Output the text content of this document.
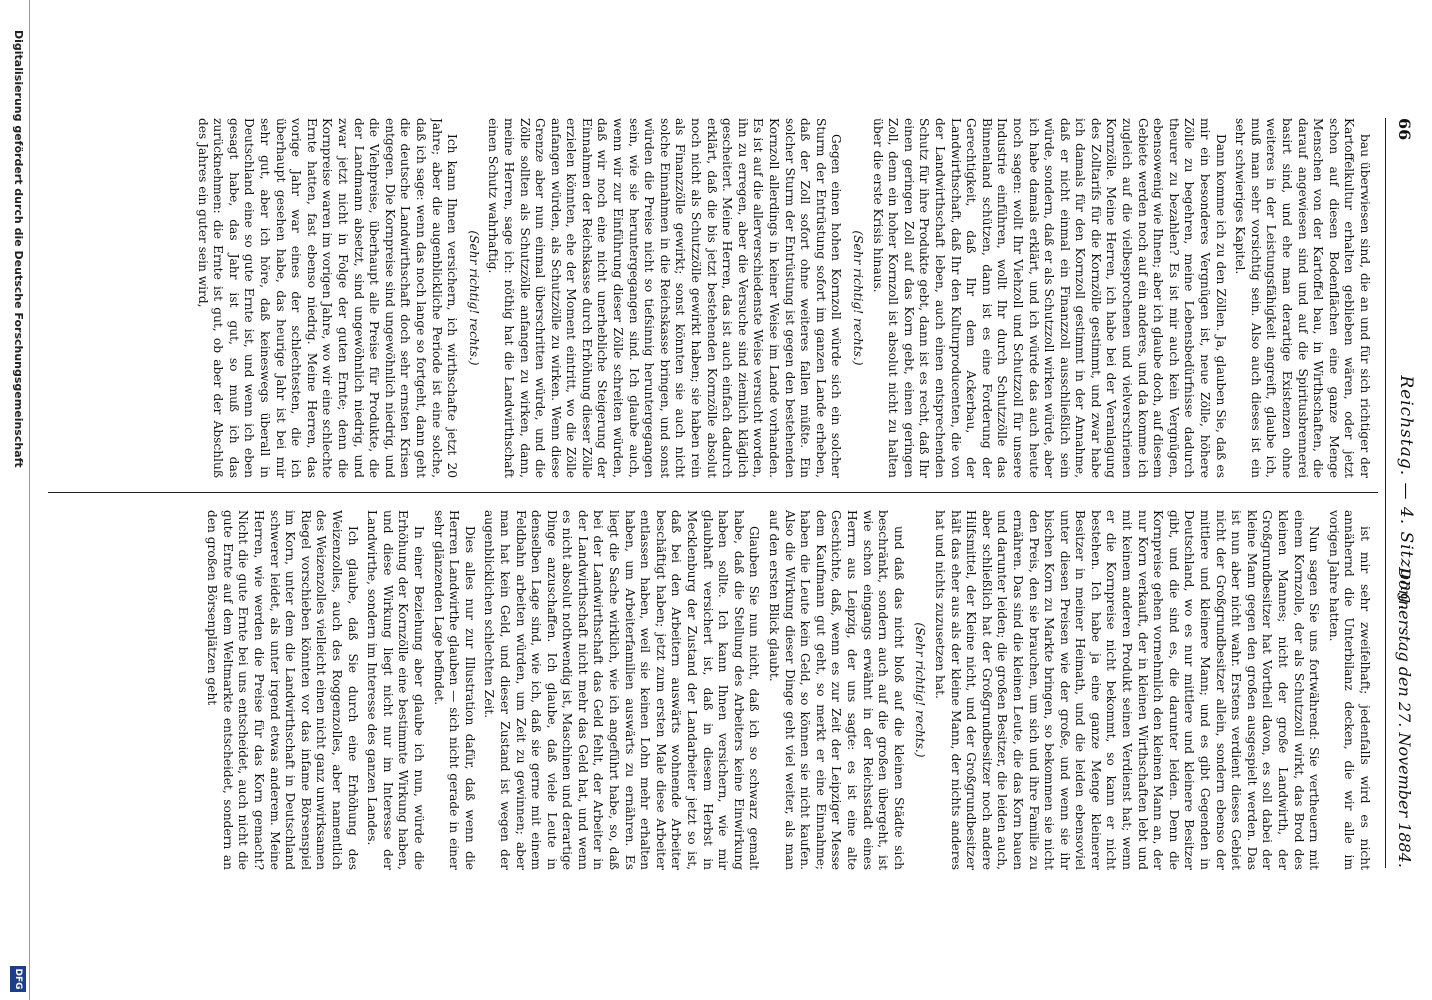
66
Reichstag. — 4. Sitzung.
Donnerstag den 27. November 1884.

bau überwiesen sind, die an und für sich richtiger der Kartoffelkultur erhalten geblieben wären, oder jetzt schon auf diesen Bodenflächen eine ganze Menge Menschen von der Kartoffel bau, in Wirthschaften, die darauf angewiesen sind und auf die Spiritusbrennerei basirt sind, und ehe man derartige Existenzen ohne weiteres in der Leistungsfähigkeit angreift, glaube ich, muß man sehr vorsichtig sein. Also auch dieses ist ein sehr schwieriges Kapitel.

Dann komme ich zu den Zöllen. Ja, glauben Sie, daß es mir ein besonderes Vergnügen ist, neue Zölle, höhere Zölle zu begehren, meine Lebensbedürfnisse dadurch theurer zu bezahlen? Es ist mir auch kein Vergnügen, ebensowenig wie Ihnen; aber ich glaube doch, auf diesem Gebiete werden noch auf ein anderes, und da komme ich zugleich auf die vielbesprochenen und vielverschrienen Kornzölle. Meine Herren, ich habe bei der Veranlagung des Zolltarifs für die Kornzölle gestimmt, und zwar habe ich damals für den Kornzoll gestimmt in der Annahme, daß er nicht einmal ein Finanzzoll ausschließlich sein würde, sondern, daß er als Schutzzoll wirken würde, aber ich habe damals erklärt, und ich würde das auch heute noch sagen: wollt Ihr Viehzoll und Schutzzoll für unsere Industrie einführen, wollt Ihr durch Schutzzölle das Binnenland schützen, dann ist es eine Forderung der Gerechtigkeit, daß Ihr dem Ackerbau, der Landwirthschaft, daß Ihr den Kulturproducenten, die von der Landwirthschaft leben, auch einen entsprechenden Schutz für ihre Produkte gebt, dann ist es recht, daß Ihr einen geringen Zoll auf das Korn gebt, einen geringen Zoll, denn ein hoher Kornzoll ist absolut nicht zu halten über die erste Krisis hinaus.

(Sehr richtig! rechts.)

Gegen einen hohen Kornzoll würde sich ein solcher Sturm der Entrüstung sofort im ganzen Lande erheben, daß der Zoll sofort ohne weiteres fallen müßte. Ein solcher Sturm der Entrüstung ist gegen den bestehenden Kornzoll allerdings in keiner Weise im Lande vorhanden. Es ist auf die allerverschiedenste Weise versucht worden, ihn zu erregen, aber die Versuche sind ziemlich kläglich gescheitert. Meine Herren, das ist auch einfach dadurch erklärt, daß die bis jetzt bestehenden Kornzölle absolut noch nicht als Schutzzölle gewirkt haben; sie haben rein als Finanzzölle gewirkt; sonst könnten sie auch nicht solche Einnahmen in die Reichskasse bringen, und sonst würden die Preise nicht so tiefsinnig heruntergegangen sein, wie sie heruntergegangen sind. Ich glaube auch, wenn wir zur Einführung dieser Zölle schreiten würden, daß wir noch eine nicht unerhebliche Steigerung der Einnahmen der Reichskasse durch Erhöhung dieser Zölle erzielen könnten, ehe der Moment eintritt, wo die Zölle anfangen würden, als Schutzzölle zu wirken. Wenn diese Grenze aber nun einmal überschritten würde, und die Zölle sollten als Schutzzölle anfangen zu wirken, dann, meine Herren, sage ich: nöthig hat die Landwirthschaft einen Schutz wahrhaftig.

(Sehr richtig! rechts.)

Ich kann Ihnen versichern, ich wirthschafte jetzt 20 Jahre; aber die augenblickliche Periode ist eine solche, daß ich sage: wenn das noch lange so fortgeht, dann geht die deutsche Landwirthschaft doch sehr ernsten Krisen entgegen. Die Kornpreise sind ungewöhnlich niedrig, und die Viehpreise, überhaupt alle Preise für Produkte, die der Landmann absetzt, sind ungewöhnlich niedrig, und zwar jetzt nicht in Folge der guten Ernte; denn die Kornpreise waren im vorigen Jahre, wo wir eine schlechte Ernte hatten, fast ebenso niedrig. Meine Herren, das vorige Jahr war eines der schlechtesten, die ich überhaupt gesehen habe, das heurige Jahr ist bei mir sehr gut, aber ich höre, daß keineswegs überall in Deutschland eine so gute Ernte ist, und wenn ich eben gesagt habe, das Jahr ist gut, so muß ich das zurücknehmen: die Ernte ist gut, ob aber der Abschluß des Jahres ein guter sein wird,

ist mir sehr zweifelhaft; jedenfalls wird es nicht annähernd die Unterbilanz decken, die wir alle im vorigen Jahre hatten.

Nun sagen Sie uns fortwährend: Sie vertheuern mit einem Kornzolle, der als Schutzzoll wirkt, das Brod des kleinen Mannes; nicht der große Landwirth, der Großgrundbesitzer hat Vortheil davon, es soll dabei der kleine Mann gegen den großen ausgespielt werden. Das ist nun aber nicht wahr. Erstens verdient dieses Gebiet nicht der Großgrundbesitzer allein, sondern ebenso der mittlere und kleinere Mann; und es gibt Gegenden in Deutschland, wo es nur mittlere und kleinere Besitzer gibt, und die sind es, die darunter leiden. Denn die Kornpreise gehen vornehmlich den kleinen Mann an, der nur Korn verkauft, der in kleinen Wirthschaften lebt und mit keinem anderen Produkt seinen Verdienst hat; wenn er die Kornpreise nicht bekommt, so kann er nicht bestehen. Ich habe ja eine ganze Menge kleinerer Besitzer in meiner Heimath, und die leiden ebensoviel unter diesen Preisen wie der große, und wenn sie ihr bischen Korn zu Markte bringen, so bekommen sie nicht den Preis, den sie brauchen, um sich und ihre Familie zu ernähren. Das sind die kleinen Leute, die das Korn bauen und darunter leiden; die großen Besitzer, die leiden auch, aber schließlich hat der Großgrundbesitzer noch andere Hilfsmittel, der Kleine nicht, und der Großgrundbesitzer hält das eher aus als der kleine Mann, der nichts anderes hat und nichts zuzusetzen hat.

(Sehr richtig! rechts.)

und daß das nicht bloß auf die kleinen Städte sich beschränkt, sondern auch auf die großen übergeht, ist wie schon eingangs erwähnt in der Reichsstadt eines Herrn aus Leipzig, der uns sagte: es ist eine alte Geschichte, daß, wenn es zur Zeit der Leipziger Messe dem Kaufmann gut geht, so merkt er eine Einnahme; haben die Leute kein Geld, so können sie nicht kaufen. Also die Wirkung dieser Dinge geht viel weiter, als man auf den ersten Blick glaubt.

Glauben Sie nun nicht, daß ich so schwarz gemalt habe, daß die Stellung des Arbeiters keine Einwirkung haben sollte. Ich kann Ihnen versichern, wie mir glaubhaft versichert ist, daß in diesem Herbst in Mecklenburg der Zustand der Landarbeiter jetzt so ist, daß bei den Arbeitern auswärts wohnende Arbeiter beschäftigt haben; jetzt zum ersten Male diese Arbeiter entlassen haben, weil sie keinen Lohn mehr erhalten haben, um Arbeiterfamilien auswärts zu ernähren. Es liegt die Sache wirklich, wie ich angeführt habe, so, daß bei der Landwirthschaft das Geld fehlt, der Arbeiter in der Landwirthschaft nicht mehr das Geld hat, und wenn es nicht absolut nothwendig ist, Maschinen und derartige Dinge anzuschaffen. Ich glaube, daß viele Leute in denselben Lage sind, wie ich, daß sie gerne mit einem Feldbahn arbeiten würden, um Zeit zu gewinnen; aber man hat kein Geld, und dieser Zustand ist wegen der augenblicklichen schlechten Zeit.

Dies alles nur zur Illustration dafür, daß wenn die Herren Landwirthe glauben — sich nicht gerade in einer sehr glänzenden Lage befindet.

In einer Beziehung aber glaube ich nun, würde die Erhöhung der Kornzölle eine bestimmte Wirkung haben, und diese Wirkung liegt nicht nur im Interesse der Landwirthe, sondern im Interesse des ganzen Landes.

Ich glaube, daß Sie durch eine Erhöhung des Weizenzolles, auch des Roggenzolles, aber namentlich des Weizenzolles vielleicht einen nicht ganz unwirksamen Riegel vorschieben könnten vor das infame Börsenspiel im Korn, unter dem die Landwirthschaft in Deutschland schwerer leidet, als unter irgend etwas anderem. Meine Herren, wie werden die Preise für das Korn gemacht? Nicht die gute Ernte bei uns entscheidet, auch nicht die gute Ernte auf dem Weltmarkte entscheidet, sondern an den großen Börsenplätzen geht

Digitalisierung gefördert durch die Deutsche Forschungsgemeinschaft
DFG
